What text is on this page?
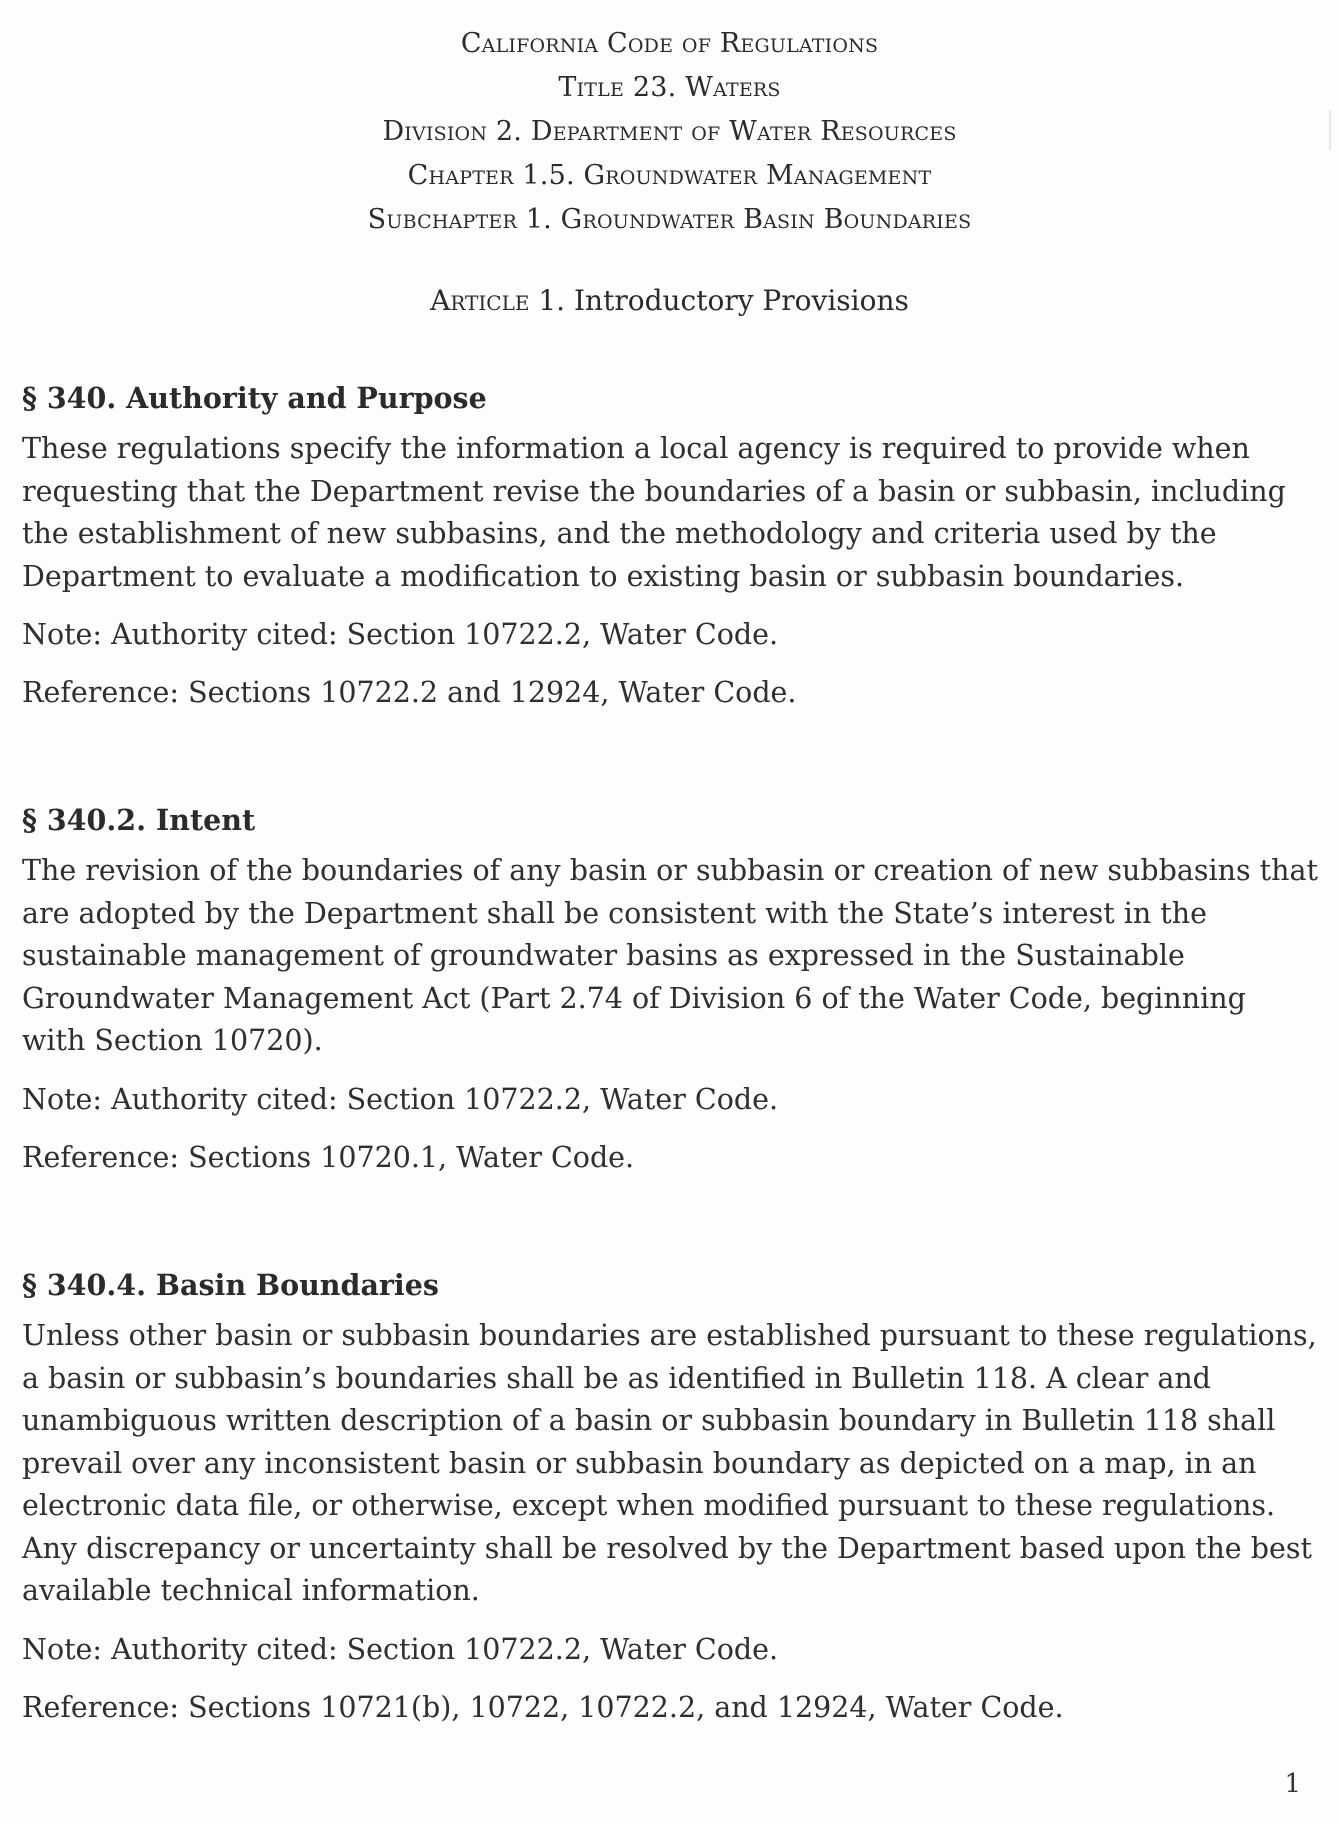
California Code of Regulations
Title 23. Waters
Division 2. Department of Water Resources
Chapter 1.5. Groundwater Management
Subchapter 1. Groundwater Basin Boundaries
Article 1. Introductory Provisions
§ 340. Authority and Purpose
These regulations specify the information a local agency is required to provide when
requesting that the Department revise the boundaries of a basin or subbasin, including
the establishment of new subbasins, and the methodology and criteria used by the
Department to evaluate a modification to existing basin or subbasin boundaries.
Note: Authority cited: Section 10722.2, Water Code.
Reference: Sections 10722.2 and 12924, Water Code.
§ 340.2. Intent
The revision of the boundaries of any basin or subbasin or creation of new subbasins that
are adopted by the Department shall be consistent with the State’s interest in the
sustainable management of groundwater basins as expressed in the Sustainable
Groundwater Management Act (Part 2.74 of Division 6 of the Water Code, beginning
with Section 10720).
Note: Authority cited: Section 10722.2, Water Code.
Reference: Sections 10720.1, Water Code.
§ 340.4. Basin Boundaries
Unless other basin or subbasin boundaries are established pursuant to these regulations,
a basin or subbasin’s boundaries shall be as identified in Bulletin 118. A clear and
unambiguous written description of a basin or subbasin boundary in Bulletin 118 shall
prevail over any inconsistent basin or subbasin boundary as depicted on a map, in an
electronic data file, or otherwise, except when modified pursuant to these regulations.
Any discrepancy or uncertainty shall be resolved by the Department based upon the best
available technical information.
Note: Authority cited: Section 10722.2, Water Code.
Reference: Sections 10721(b), 10722, 10722.2, and 12924, Water Code.
1
